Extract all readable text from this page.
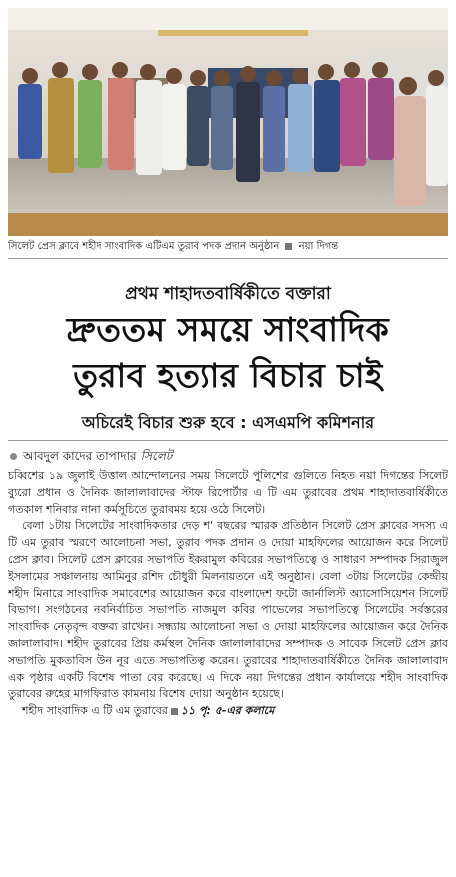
সিলেট প্রেস ক্লাবে শহীদ সাংবাদিক এটিএম তুরাব পদক প্রদান অনুষ্ঠান নয়া দিগন্ত
প্রথম শাহাদতবার্ষিকীতে বক্তারা
দ্রুততম সময়ে সাংবাদিক
তুরাব হত্যার বিচার চাই
অচিরেই বিচার শুরু হবে : এসএমপি কমিশনার
আবদুল কাদের তাপাদার সিলেট

চব্বিশের ১৯ জুলাই উত্তাল আন্দোলনের সময় সিলেটে পুলিশের গুলিতে নিহত নয়া দিগন্তের সিলেট ব্যুরো প্রধান ও দৈনিক জালালাবাদের স্টাফ রিপোর্টার এ টি এম তুরাবের প্রথম শাহাদাতবার্ষিকীতে গতকাল শনিবার নানা কর্মসূচিতে তুরাবময় হয়ে ওঠে সিলেট।

বেলা ১টায় সিলেটের সাংবাদিকতার দেড় শ' বছরের স্মারক প্রতিষ্ঠান সিলেট প্রেস ক্লাবের সদস্য এ টি এম তুরাব স্মরণে আলোচনা সভা, তুরাব পদক প্রদান ও দোয়া মাহফিলের আয়োজন করে সিলেট প্রেস ক্লাব। সিলেট প্রেস ক্লাবের সভাপতি ইকরামুল কবিরের সভাপতিত্বে ও সাধারণ সম্পাদক সিরাজুল ইসলামের সঞ্চালনায় আমিনুর রশিদ চৌধুরী মিলনায়তনে এই অনুষ্ঠান। বেলা ৩টায় সিলেটের কেন্দ্রীয় শহীদ মিনারে সাংবাদিক সমাবেশের আয়োজন করে বাংলাদেশ ফটো জার্নালিস্ট অ্যাসোসিয়েশন সিলেট বিভাগ। সংগঠনের নবনির্বাচিত সভাপতি নাজমুল কবির পাভেলের সভাপতিত্বে সিলেটের সর্বস্তরের সাংবাদিক নেতৃবৃন্দ বক্তব্য রাখেন। সন্ধ্যায় আলোচনা সভা ও দোয়া মাহফিলের আয়োজন করে দৈনিক জালালাবাদ। শহীদ তুরাবের প্রিয় কর্মস্থল দৈনিক জালালাবাদের সম্পাদক ও সাবেক সিলেট প্রেস ক্লাব সভাপতি মুকতাবিস উন নূর এতে সভাপতিত্ব করেন। তুরাবের শাহাদাতবার্ষিকীতে দৈনিক জালালাবাদ এক পৃষ্ঠার একটি বিশেষ পাতা বের করেছে। এ দিকে নয়া দিগন্তের প্রধান কার্যালয়ে শহীদ সাংবাদিক তুরাবের রুহের মাগফিরাত কামনায় বিশেষ দোয়া অনুষ্ঠান হয়েছে।

শহীদ সাংবাদিক এ টি এম তুরাবের ১১ পৃ: ৫-এর কলামে
